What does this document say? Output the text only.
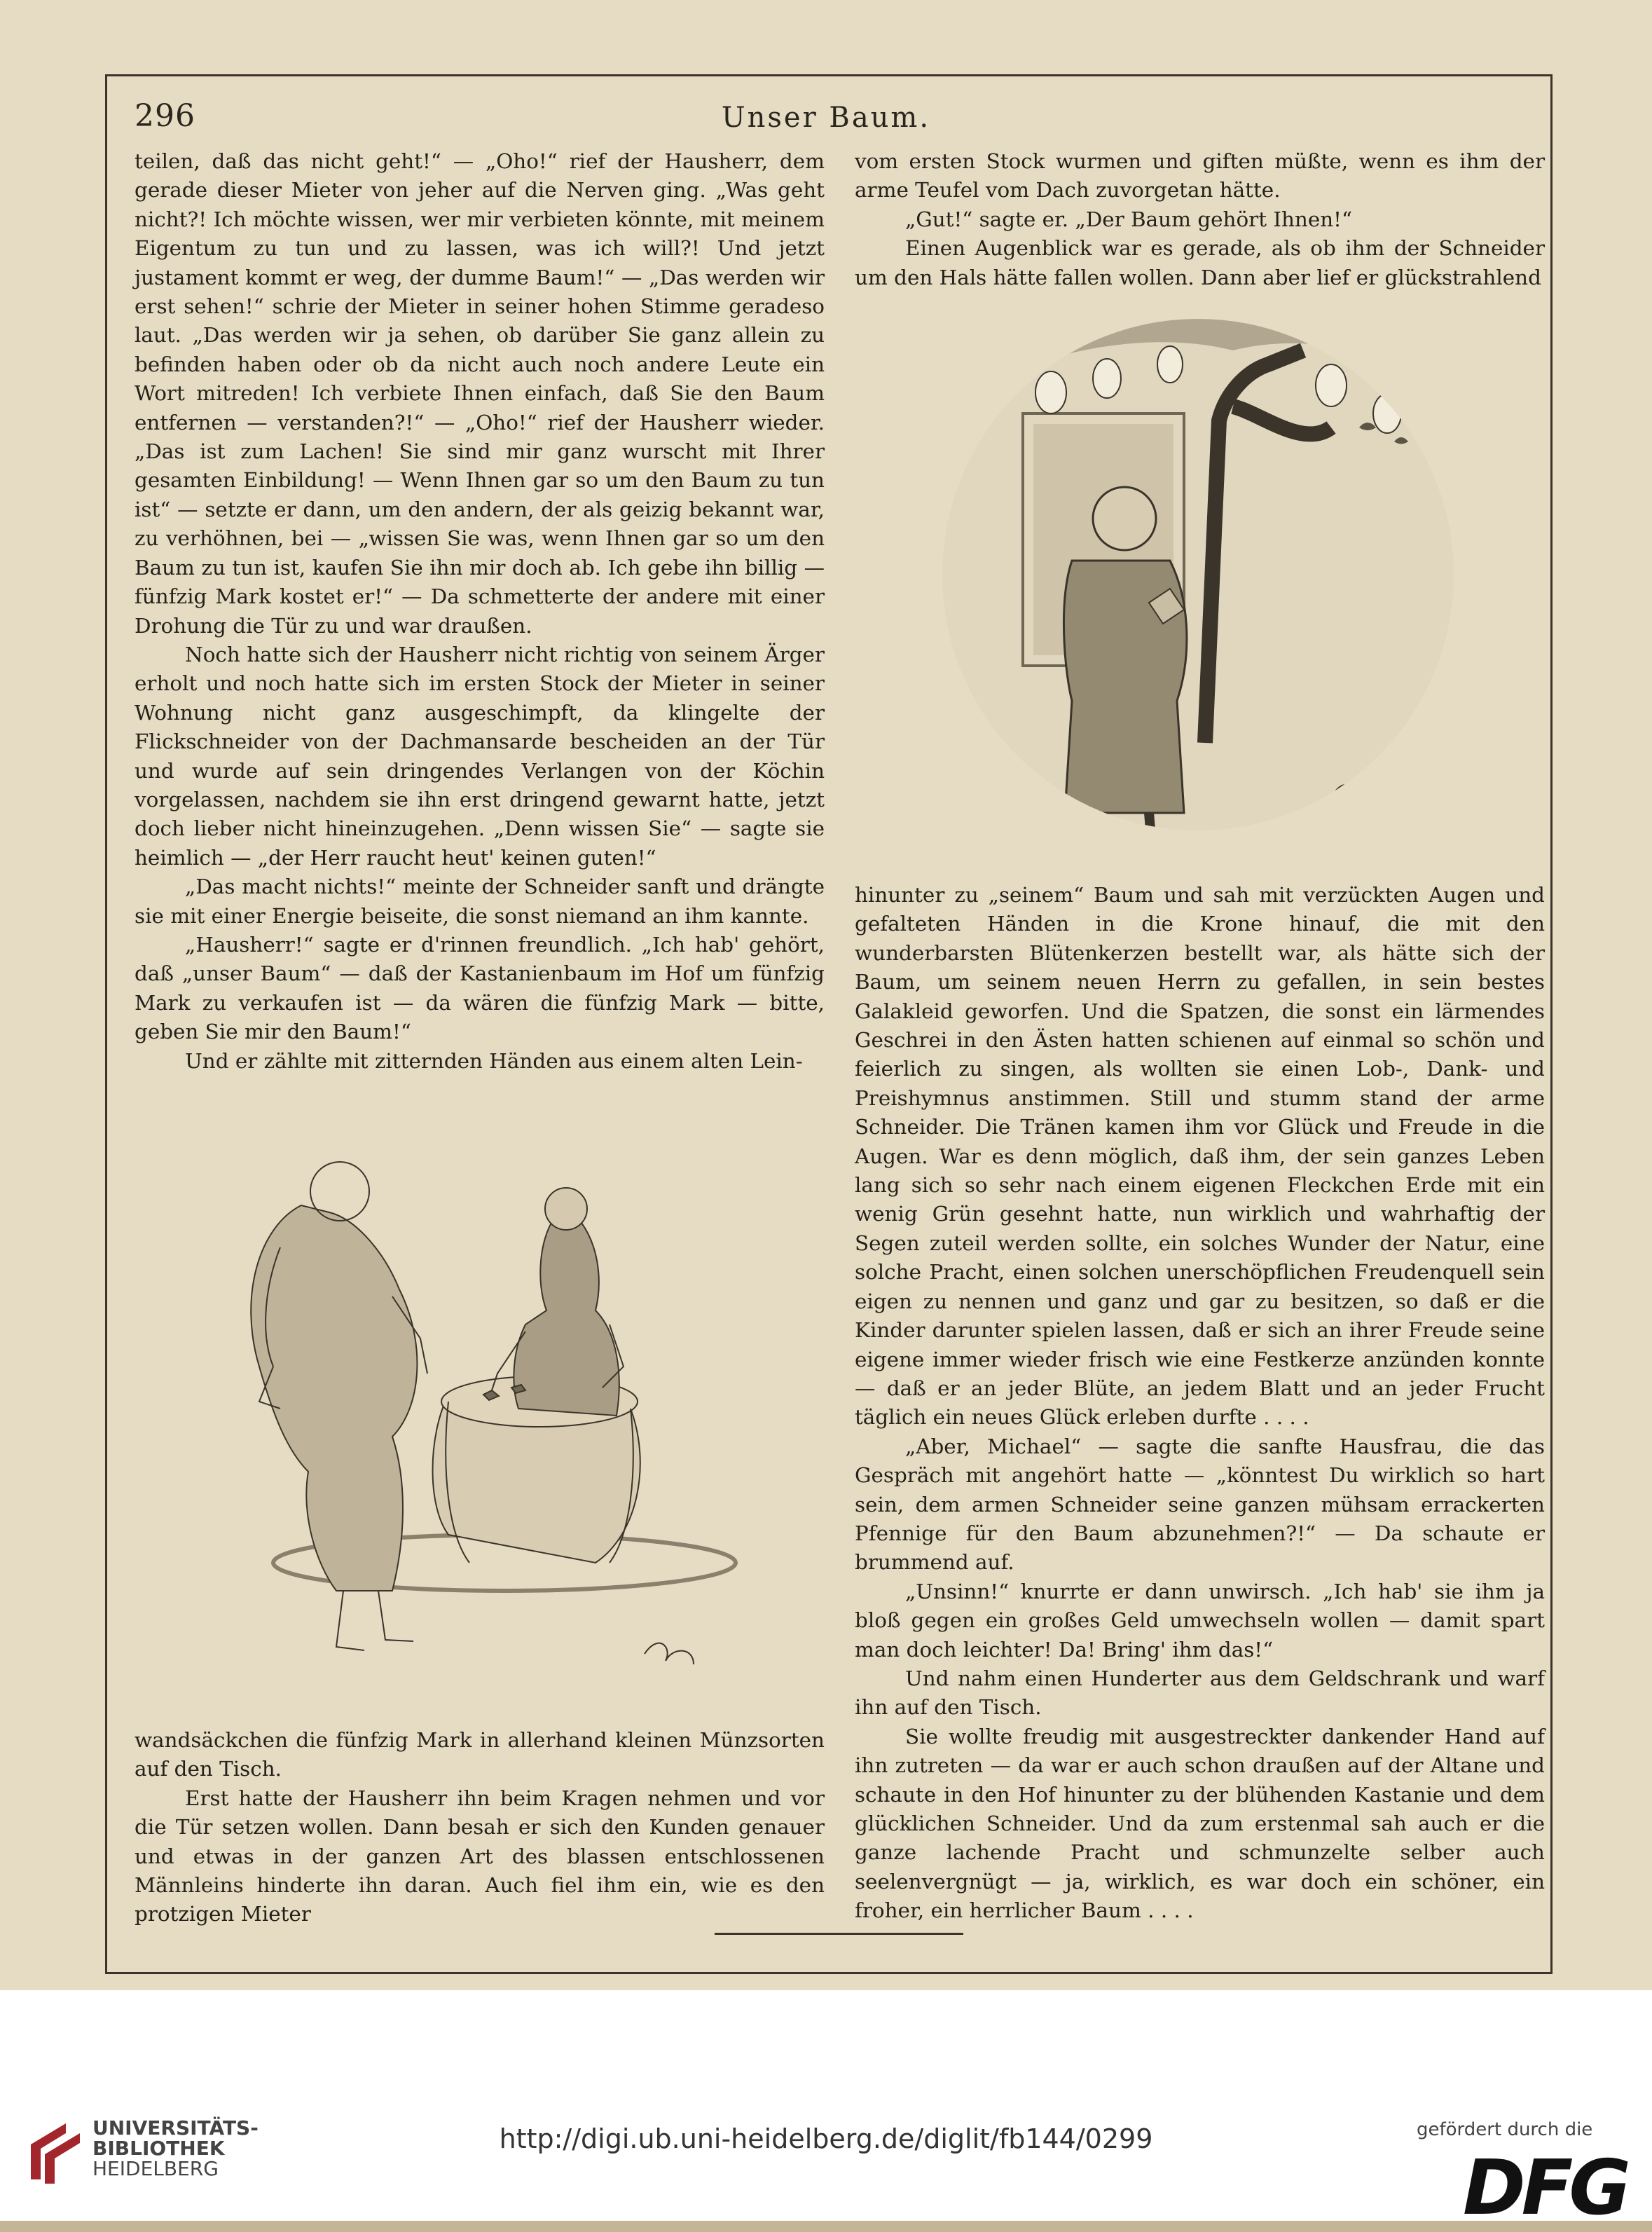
296	Unser Baum.

teilen, daß das nicht geht!“ — „Oho!“ rief der Hausherr, dem gerade dieser Mieter von jeher auf die Nerven ging. „Was geht nicht?! Ich möchte wissen, wer mir verbieten könnte, mit meinem Eigentum zu tun und zu lassen, was ich will?! Und jetzt justament kommt er weg, der dumme Baum!“ — „Das werden wir erst sehen!“ schrie der Mieter in seiner hohen Stimme geradeso laut. „Das werden wir ja sehen, ob darüber Sie ganz allein zu befinden haben oder ob da nicht auch noch andere Leute ein Wort mitreden! Ich verbiete Ihnen einfach, daß Sie den Baum entfernen — verstanden?!“ — „Oho!“ rief der Hausherr wieder. „Das ist zum Lachen! Sie sind mir ganz wurscht mit Ihrer gesamten Einbildung! — Wenn Ihnen gar so um den Baum zu tun ist“ — setzte er dann, um den andern, der als geizig bekannt war, zu verhöhnen, bei — „wissen Sie was, wenn Ihnen gar so um den Baum zu tun ist, kaufen Sie ihn mir doch ab. Ich gebe ihn billig — fünfzig Mark kostet er!“ — Da schmetterte der andere mit einer Drohung die Tür zu und war draußen.

Noch hatte sich der Hausherr nicht richtig von seinem Ärger erholt und noch hatte sich im ersten Stock der Mieter in seiner Wohnung nicht ganz ausgeschimpft, da klingelte der Flickschneider von der Dachmansarde bescheiden an der Tür und wurde auf sein dringendes Verlangen von der Köchin vorgelassen, nachdem sie ihn erst dringend gewarnt hatte, jetzt doch lieber nicht hineinzugehen. „Denn wissen Sie“ — sagte sie heimlich — „der Herr raucht heut' keinen guten!“

„Das macht nichts!“ meinte der Schneider sanft und drängte sie mit einer Energie beiseite, die sonst niemand an ihm kannte.

„Hausherr!“ sagte er d'rinnen freundlich. „Ich hab' gehört, daß „unser Baum“ — daß der Kastanienbaum im Hof um fünfzig Mark zu verkaufen ist — da wären die fünfzig Mark — bitte, geben Sie mir den Baum!“

Und er zählte mit zitternden Händen aus einem alten Lein-

wandsäckchen die fünfzig Mark in allerhand kleinen Münzsorten auf den Tisch.

Erst hatte der Hausherr ihn beim Kragen nehmen und vor die Tür setzen wollen. Dann besah er sich den Kunden genauer und etwas in der ganzen Art des blassen entschlossenen Männleins hinderte ihn daran. Auch fiel ihm ein, wie es den protzigen Mieter

vom ersten Stock wurmen und giften müßte, wenn es ihm der arme Teufel vom Dach zuvorgetan hätte.

„Gut!“ sagte er. „Der Baum gehört Ihnen!“

Einen Augenblick war es gerade, als ob ihm der Schneider um den Hals hätte fallen wollen. Dann aber lief er glückstrahlend

hinunter zu „seinem“ Baum und sah mit verzückten Augen und gefalteten Händen in die Krone hinauf, die mit den wunderbarsten Blütenkerzen bestellt war, als hätte sich der Baum, um seinem neuen Herrn zu gefallen, in sein bestes Galakleid geworfen. Und die Spatzen, die sonst ein lärmendes Geschrei in den Ästen hatten schienen auf einmal so schön und feierlich zu singen, als wollten sie einen Lob-, Dank- und Preishymnus anstimmen. Still und stumm stand der arme Schneider. Die Tränen kamen ihm vor Glück und Freude in die Augen. War es denn möglich, daß ihm, der sein ganzes Leben lang sich so sehr nach einem eigenen Fleckchen Erde mit ein wenig Grün gesehnt hatte, nun wirklich und wahrhaftig der Segen zuteil werden sollte, ein solches Wunder der Natur, eine solche Pracht, einen solchen unerschöpflichen Freudenquell sein eigen zu nennen und ganz und gar zu besitzen, so daß er die Kinder darunter spielen lassen, daß er sich an ihrer Freude seine eigene immer wieder frisch wie eine Festkerze anzünden konnte — daß er an jeder Blüte, an jedem Blatt und an jeder Frucht täglich ein neues Glück erleben durfte . . . .

„Aber, Michael“ — sagte die sanfte Hausfrau, die das Gespräch mit angehört hatte — „könntest Du wirklich so hart sein, dem armen Schneider seine ganzen mühsam errackerten Pfennige für den Baum abzunehmen?!“ — Da schaute er brummend auf.

„Unsinn!“ knurrte er dann unwirsch. „Ich hab' sie ihm ja bloß gegen ein großes Geld umwechseln wollen — damit spart man doch leichter! Da! Bring' ihm das!“

Und nahm einen Hunderter aus dem Geldschrank und warf ihn auf den Tisch.

Sie wollte freudig mit ausgestreckter dankender Hand auf ihn zutreten — da war er auch schon draußen auf der Altane und schaute in den Hof hinunter zu der blühenden Kastanie und dem glücklichen Schneider. Und da zum erstenmal sah auch er die ganze lachende Pracht und schmunzelte selber auch seelenvergnügt — ja, wirklich, es war doch ein schöner, ein froher, ein herrlicher Baum . . . .

UNIVERSITÄTS-
BIBLIOTHEK
HEIDELBERG
http://digi.ub.uni-heidelberg.de/diglit/fb144/0299	gefördert durch die
DFG
